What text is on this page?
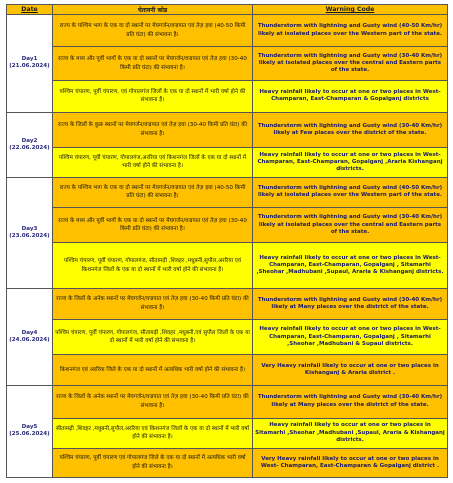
Date	चेतावनी कोड	Warning Code

Day1
(21.06.2024)	राज्य के पश्चिम भाग के एक या दो स्थानों पर मेघगर्जन/वज्रपात एवं तेज़ हवा (40-50 किमी प्रति घंटा) की संभावना है।	Thunderstorm with lightning and Gusty wind (40-50 Km/hr) likely at isolated places over the Western part of the state.
	राज्य के मध्य और पूर्वी भागों के एक या दो स्थानों पर मेघगर्जन/वज्रपात एवं तेज़ हवा (30-40 किमी प्रति घंटा) की संभावना है।	Thunderstorm with lightning and Gusty wind (30-40 Km/hr) likely at isolated places over the central and Eastern parts of the state.
	पश्चिम चंपारण, पूर्वी चंपारण, एवं गोपालगंज जिलों के एक या दो स्थानों में भारी वर्षा होने की संभावना है।	Heavy rainfall likely to occur at one or two places in West-Champaran, East-Champaran & Gopalganj districts

Day2
(22.06.2024)	राज्य के जिलों के कुछ स्थानों पर मेघगर्जन/वज्रपात एवं तेज़ हवा (30-40 किमी प्रति घंटा) की संभावना है।	Thunderstorm with lightning and Gusty wind (30-40 Km/hr) likely at Few places over the district of the state.
	पश्चिम चंपारण, पूर्वी चंपारण, गोपालगंज,अररिया एवं किशनगंज जिलों के एक या दो स्थानों में भारी वर्षा होने की संभावना है।	Heavy rainfall likely to occur at one or two places in West- Champaran, East-Champaran, Gopalganj ,Araria Kishanganj districts.

Day3
(23.06.2024)	राज्य के पश्चिम भाग के एक या दो स्थानों पर मेघगर्जन/वज्रपात एवं तेज़ हवा (40-50 किमी प्रति घंटा) की संभावना है।	Thunderstorm with lightning and Gusty wind (40-50 Km/hr) likely at isolated places over the Western part of the state.
	राज्य के मध्य और पूर्वी भागों के एक या दो स्थानों पर मेघगर्जन/वज्रपात एवं तेज़ हवा (30-40 किमी प्रति घंटा) की संभावना है।	Thunderstorm with lightning and Gusty wind (30-40 Km/hr) likely at isolated places over the central and Eastern parts of the state.
	पश्चिम चंपारण, पूर्वी चंपारण, गोपालगंज, सीतामढ़ी ,शिवहर ,मधुबनी,सुपौल,अररिया एवं किशनगंज जिलों के एक या दो स्थानों में भारी वर्षा होने की संभावना है।	Heavy rainfall likely to occur at one or two places in West- Champaran, East-Champaran, Gopalganj , Sitamarhi ,Sheohar ,Madhubani ,Supaul, Araria & Kishanganj districts.

Day4
(24.06.2024)	राज्य के जिलों के अनेक स्थानों पर मेघगर्जन/वज्रपात एवं तेज़ हवा (30-40 किमी प्रति घंटा) की संभावना है।	Thunderstorm with lightning and Gusty wind (30-40 Km/hr) likely at Many places over the district of the state.
	पश्चिम चंपारण, पूर्वी चंपारण, गोपालगंज, सीतामढ़ी ,शिवहर ,मधुबनी,एवं सुपौल जिलों के एक या दो स्थानों में भारी वर्षा होने की संभावना है।	Heavy rainfall likely to occur at one or two places in West- Champaran, East-Champaran, Gopalganj , Sitamarhi ,Sheohar ,Madhubani & Supaul districts.
	किशनगंज एवं अररिया जिले के एक या दो स्थानों में अत्यधिक भारी वर्षा होने की संभावना है।	Very Heavy rainfall likely to occur at one or two places in Kishanganj & Araria district .

Day5
(25.06.2024)	राज्य के जिलों के अनेक स्थानों पर मेघगर्जन/वज्रपात एवं तेज़ हवा (30-40 किमी प्रति घंटा) की संभावना है।	Thunderstorm with lightning and Gusty wind (30-40 Km/hr) likely at Many places over the district of the state.
	सीतामढ़ी ,शिवहर ,मधुबनी,सुपौल,अररिया एवं किशनगंज जिलों के एक या दो स्थानों में भारी वर्षा होने की संभावना है।	Heavy rainfall likely to occur at one or two places in Sitamarhi ,Sheohar ,Madhubani ,Supaul, Araria & Kishanganj districts.
	पश्चिम चंपारण, पूर्वी चंपारण एवं गोपालगंज जिले के एक या दो स्थानों में अत्यधिक भारी वर्षा होने की संभावना है।	Very Heavy rainfall likely to occur at one or two places in West- Champaran, East-Champaran & Gopalganj district .
